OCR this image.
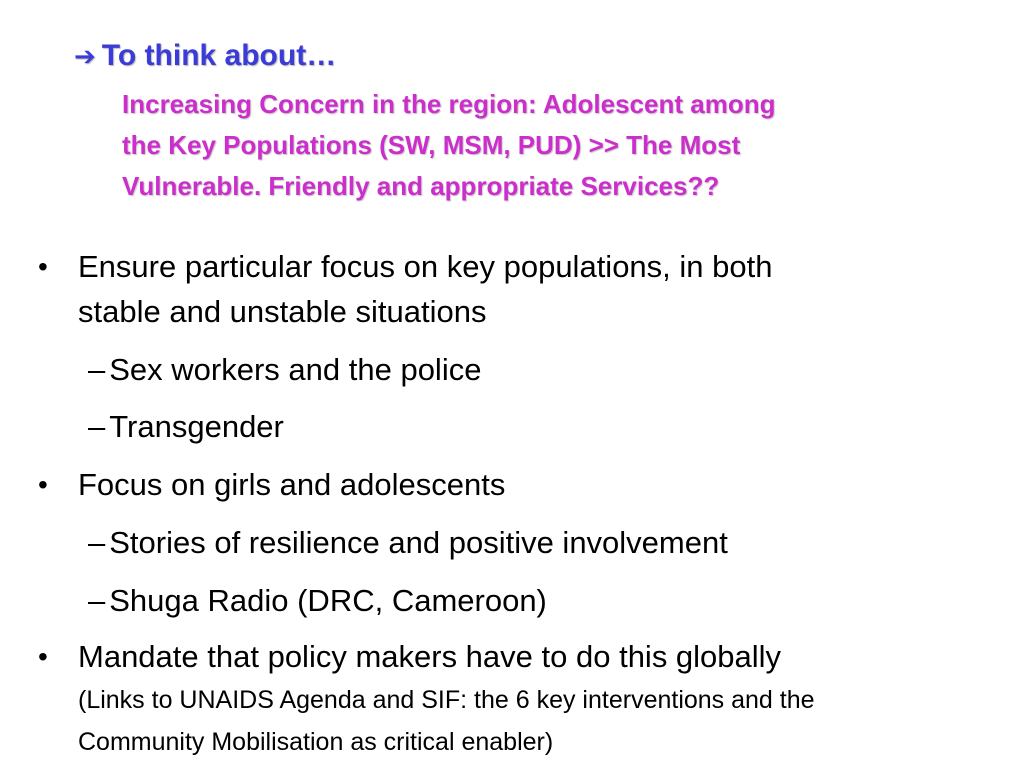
➔ To think about…
Increasing Concern in the region: Adolescent among
the Key Populations (SW, MSM, PUD) >> The Most
Vulnerable. Friendly and appropriate Services??
• Ensure particular focus on key populations, in both
stable and unstable situations
– Sex workers and the police
– Transgender
• Focus on girls and adolescents
– Stories of resilience and positive involvement
– Shuga Radio (DRC, Cameroon)
• Mandate that policy makers have to do this globally
(Links to UNAIDS Agenda and SIF: the 6 key interventions and the
Community Mobilisation as critical enabler)
